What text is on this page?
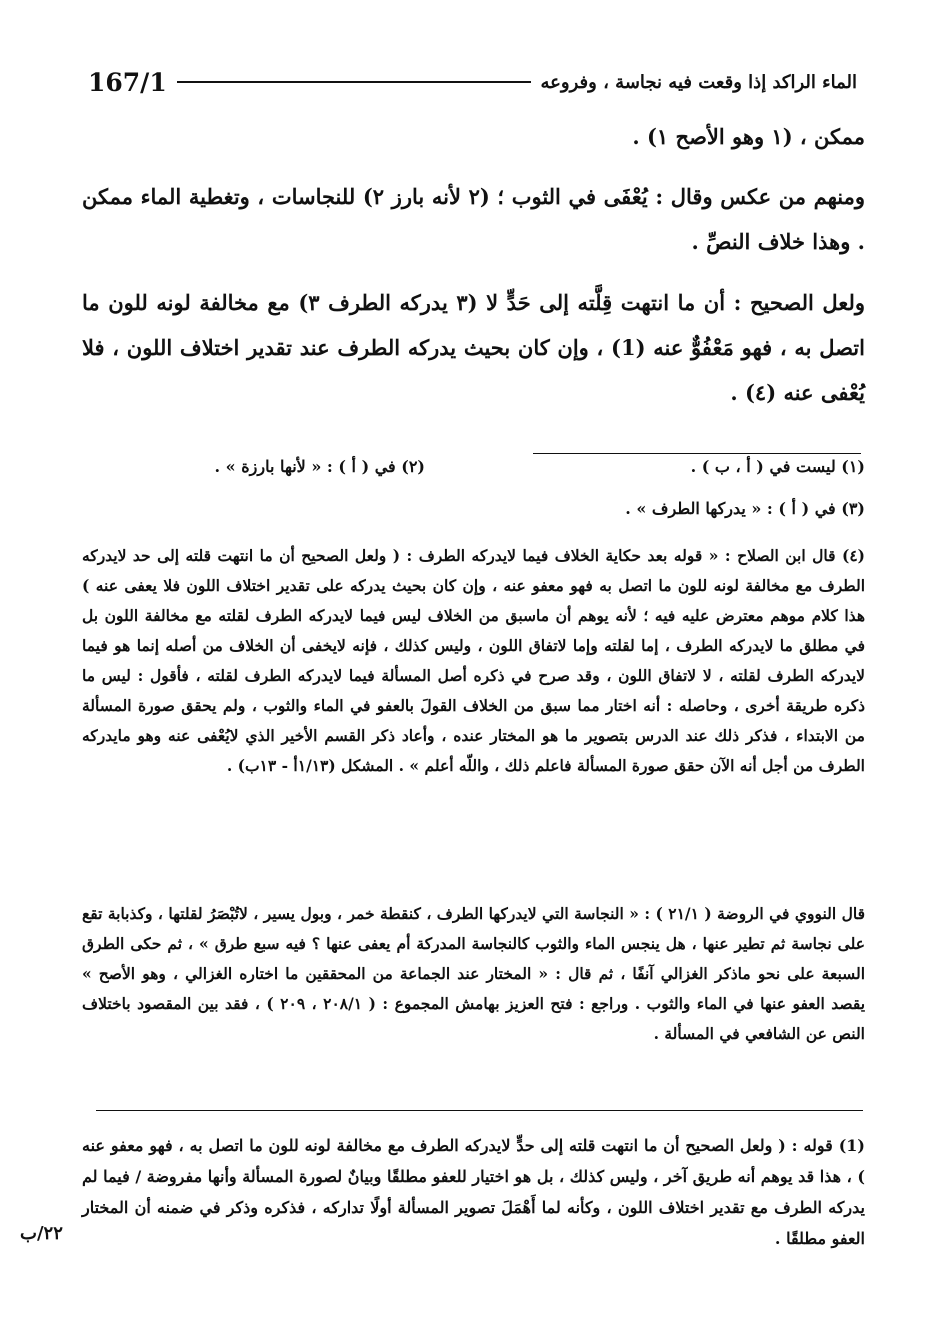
167/1	الماء الراكد إذا وقعت فيه نجاسة ، وفروعه
ممكن ، (١ وهو الأصح ١) .
ومنهم من عكس وقال : يُعْفَى في الثوب ؛ (٢ لأنه بارز ٢) للنجاسات ، وتغطية الماء ممكن . وهذا خلاف النصِّ .
ولعل الصحيح : أن ما انتهت قِلَّته إلى حَدٍّ لا (٣ يدركه الطرف ٣) مع مخالفة لونه للون ما اتصل به ، فهو مَعْفُوٌّ عنه (1) ، وإن كان بحيث يدركه الطرف عند تقدير اختلاف اللون ، فلا يُعْفى عنه (٤) .
(١) ليست في ( أ ، ب ) .
(٢) في ( أ ) : « لأنها بارزة » .
(٣) في ( أ ) : « يدركها الطرف » .
(٤) قال ابن الصلاح : « قوله بعد حكاية الخلاف فيما لايدركه الطرف : ( ولعل الصحيح أن ما انتهت قلته إلى حد لايدركه الطرف مع مخالفة لونه للون ما اتصل به فهو معفو عنه ، وإن كان بحيث يدركه على تقدير اختلاف اللون فلا يعفى عنه ) هذا كلام موهم معترض عليه فيه ؛ لأنه يوهم أن ماسبق من الخلاف ليس فيما لايدركه الطرف لقلته مع مخالفة اللون بل في مطلق ما لايدركه الطرف ، إما لقلته وإما لاتفاق اللون ، وليس كذلك ، فإنه لايخفى أن الخلاف من أصله إنما هو فيما لايدركه الطرف لقلته ، لا لاتفاق اللون ، وقد صرح في ذكره أصل المسألة فيما لايدركه الطرف لقلته ، فأقول : ليس ما ذكره طريقة أخرى ، وحاصله : أنه اختار مما سبق من الخلاف القولَ بالعفو في الماء والثوب ، ولم يحقق صورة المسألة من الابتداء ، فذكر ذلك عند الدرس بتصوير ما هو المختار عنده ، وأعاد ذكر القسم الأخير الذي لايُعْفى عنه وهو مايدركه الطرف من أجل أنه الآن حقق صورة المسألة فاعلم ذلك ، واللّه أعلم » . المشكل (١/١٣أ - ١٣ب) .
قال النووي في الروضة ( ٢١/١ ) : « النجاسة التي لايدركها الطرف ، كنقطة خمر ، وبول يسير ، لاتُبْصَرُ لقلتها ، وكذبابة تقع على نجاسة ثم تطير عنها ، هل ينجس الماء والثوب كالنجاسة المدركة أم يعفى عنها ؟ فيه سبع طرق » ، ثم حكى الطرق السبعة على نحو ماذكر الغزالي آنفًا ، ثم قال : « المختار عند الجماعة من المحققين ما اختاره الغزالي ، وهو الأصح » يقصد العفو عنها في الماء والثوب . وراجع : فتح العزيز بهامش المجموع : ( ٢٠٨/١ ، ٢٠٩ ) ، فقد بين المقصود باختلاف النص عن الشافعي في المسألة .
(1) قوله : ( ولعل الصحيح أن ما انتهت قلته إلى حدٍّ لايدركه الطرف مع مخالفة لونه للون ما اتصل به ، فهو معفو عنه ) ، هذا قد يوهم أنه طريق آخر ، وليس كذلك ، بل هو اختيار للعفو مطلقًا وبيانٌ لصورة المسألة وأنها مفروضة / فيما لم يدركه الطرف مع تقدير اختلاف اللون ، وكأنه لما أَهْمَلَ تصوير المسألة أولًا تداركه ، فذكره وذكر في ضمنه أن المختار العفو مطلقًا .
٢٢/ب
